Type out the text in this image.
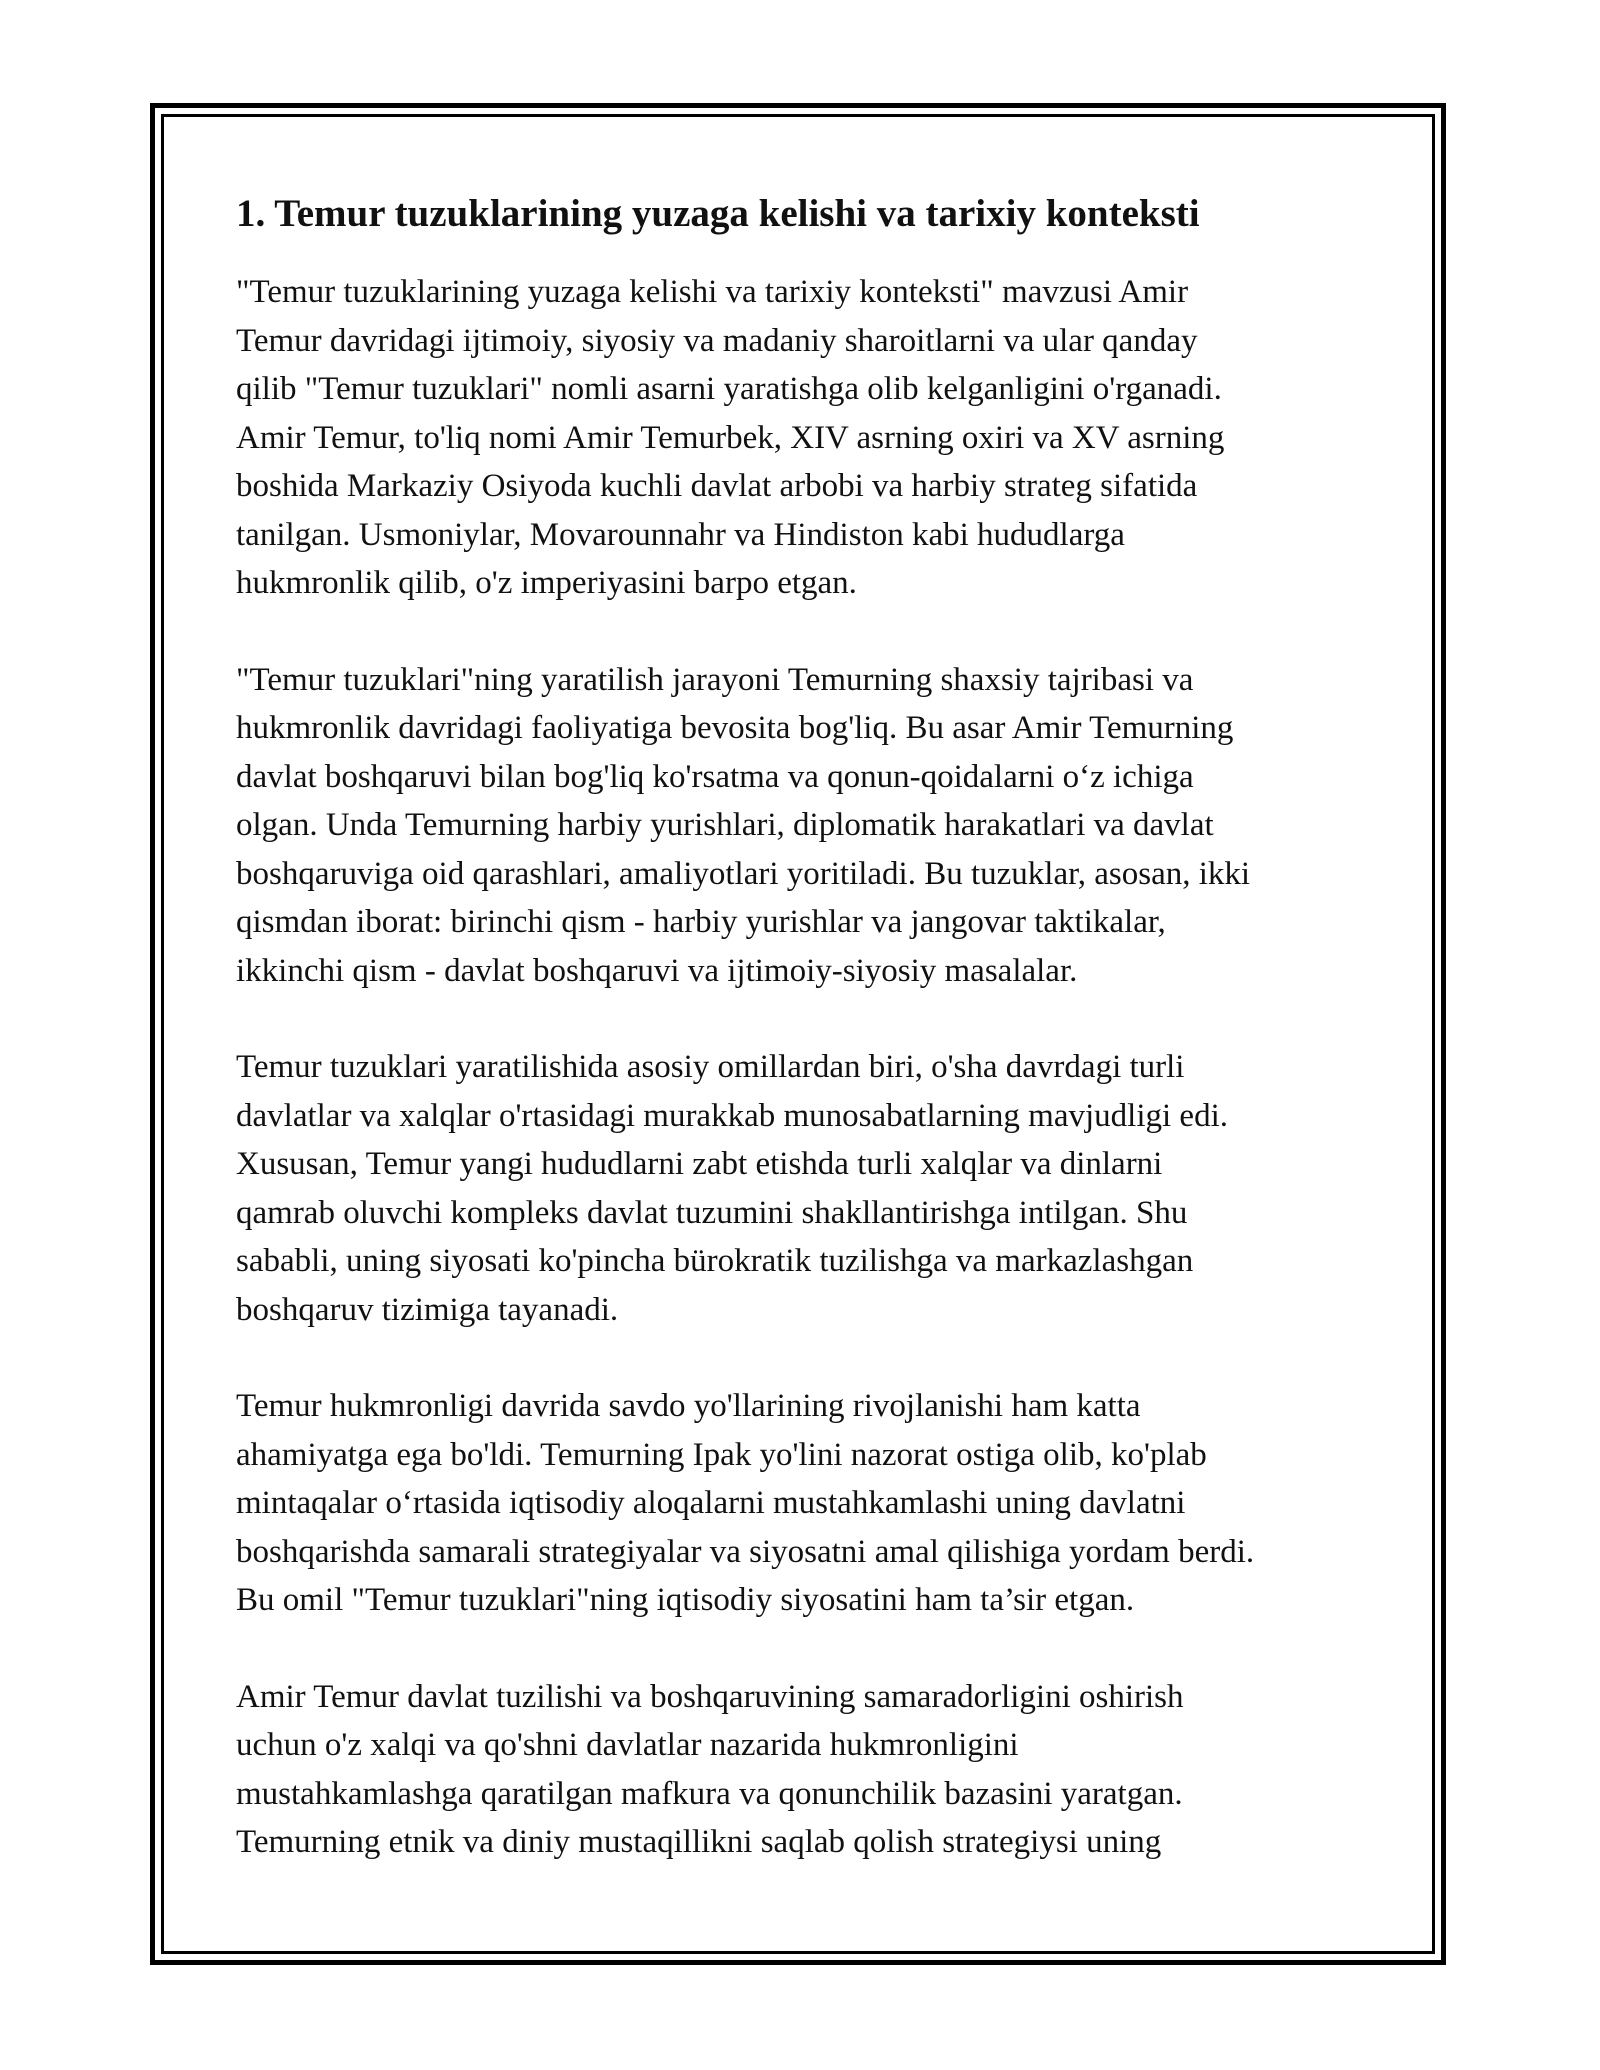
1. Temur tuzuklarining yuzaga kelishi va tarixiy konteksti

"Temur tuzuklarining yuzaga kelishi va tarixiy konteksti" mavzusi Amir
Temur davridagi ijtimoiy, siyosiy va madaniy sharoitlarni va ular qanday
qilib "Temur tuzuklari" nomli asarni yaratishga olib kelganligini o'rganadi.
Amir Temur, to'liq nomi Amir Temurbek, XIV asrning oxiri va XV asrning
boshida Markaziy Osiyoda kuchli davlat arbobi va harbiy strateg sifatida
tanilgan. Usmoniylar, Movarounnahr va Hindiston kabi hududlarga
hukmronlik qilib, o'z imperiyasini barpo etgan.

"Temur tuzuklari"ning yaratilish jarayoni Temurning shaxsiy tajribasi va
hukmronlik davridagi faoliyatiga bevosita bog'liq. Bu asar Amir Temurning
davlat boshqaruvi bilan bog'liq ko'rsatma va qonun-qoidalarni o‘z ichiga
olgan. Unda Temurning harbiy yurishlari, diplomatik harakatlari va davlat
boshqaruviga oid qarashlari, amaliyotlari yoritiladi. Bu tuzuklar, asosan, ikki
qismdan iborat: birinchi qism - harbiy yurishlar va jangovar taktikalar,
ikkinchi qism - davlat boshqaruvi va ijtimoiy-siyosiy masalalar.

Temur tuzuklari yaratilishida asosiy omillardan biri, o'sha davrdagi turli
davlatlar va xalqlar o'rtasidagi murakkab munosabatlarning mavjudligi edi.
Xususan, Temur yangi hududlarni zabt etishda turli xalqlar va dinlarni
qamrab oluvchi kompleks davlat tuzumini shakllantirishga intilgan. Shu
sababli, uning siyosati ko'pincha bürokratik tuzilishga va markazlashgan
boshqaruv tizimiga tayanadi.

Temur hukmronligi davrida savdo yo'llarining rivojlanishi ham katta
ahamiyatga ega bo'ldi. Temurning Ipak yo'lini nazorat ostiga olib, ko'plab
mintaqalar o‘rtasida iqtisodiy aloqalarni mustahkamlashi uning davlatni
boshqarishda samarali strategiyalar va siyosatni amal qilishiga yordam berdi.
Bu omil "Temur tuzuklari"ning iqtisodiy siyosatini ham ta’sir etgan.

Amir Temur davlat tuzilishi va boshqaruvining samaradorligini oshirish
uchun o'z xalqi va qo'shni davlatlar nazarida hukmronligini
mustahkamlashga qaratilgan mafkura va qonunchilik bazasini yaratgan.
Temurning etnik va diniy mustaqillikni saqlab qolish strategiysi uning
